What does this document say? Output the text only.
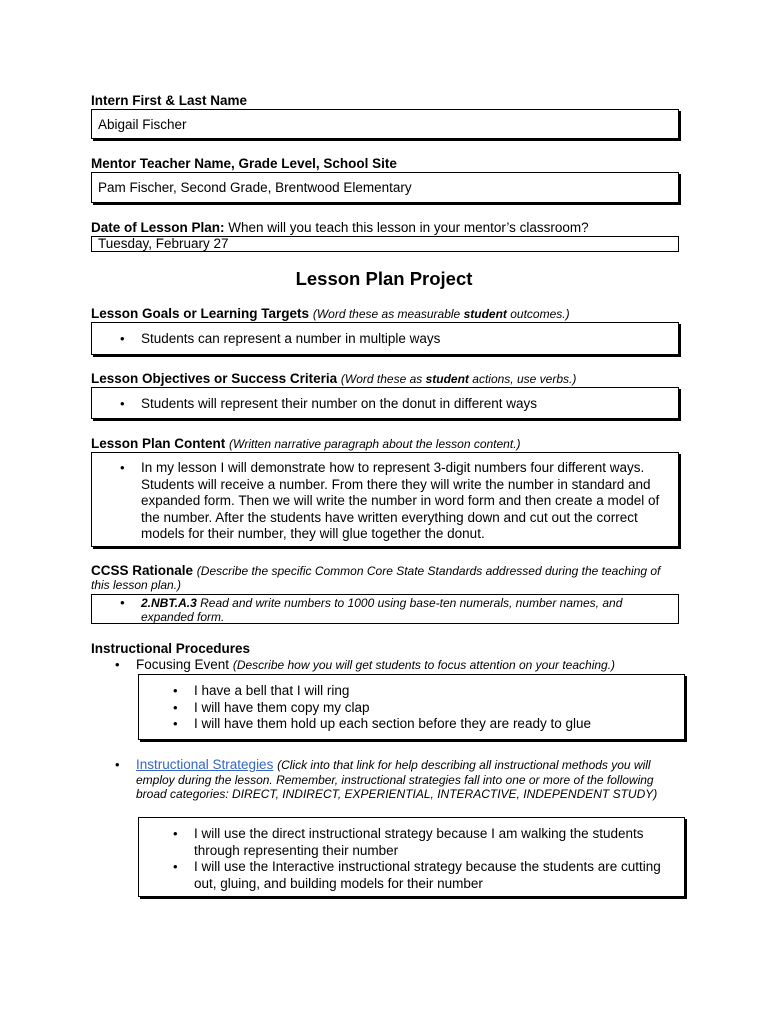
Intern First & Last Name
Abigail Fischer
Mentor Teacher Name, Grade Level, School Site
Pam Fischer, Second Grade, Brentwood Elementary
Date of Lesson Plan: When will you teach this lesson in your mentor’s classroom?
Tuesday, February 27
Lesson Plan Project
Lesson Goals or Learning Targets (Word these as measurable student outcomes.)
• Students can represent a number in multiple ways
Lesson Objectives or Success Criteria (Word these as student actions, use verbs.)
• Students will represent their number on the donut in different ways
Lesson Plan Content (Written narrative paragraph about the lesson content.)
• In my lesson I will demonstrate how to represent 3-digit numbers four different ways. Students will receive a number. From there they will write the number in standard and expanded form. Then we will write the number in word form and then create a model of the number. After the students have written everything down and cut out the correct models for their number, they will glue together the donut.
CCSS Rationale (Describe the specific Common Core State Standards addressed during the teaching of this lesson plan.)
• 2.NBT.A.3 Read and write numbers to 1000 using base-ten numerals, number names, and expanded form.
Instructional Procedures
• Focusing Event (Describe how you will get students to focus attention on your teaching.)
• I have a bell that I will ring
• I will have them copy my clap
• I will have them hold up each section before they are ready to glue
• Instructional Strategies (Click into that link for help describing all instructional methods you will employ during the lesson. Remember, instructional strategies fall into one or more of the following broad categories: DIRECT, INDIRECT, EXPERIENTIAL, INTERACTIVE, INDEPENDENT STUDY)
• I will use the direct instructional strategy because I am walking the students through representing their number
• I will use the Interactive instructional strategy because the students are cutting out, gluing, and building models for their number
